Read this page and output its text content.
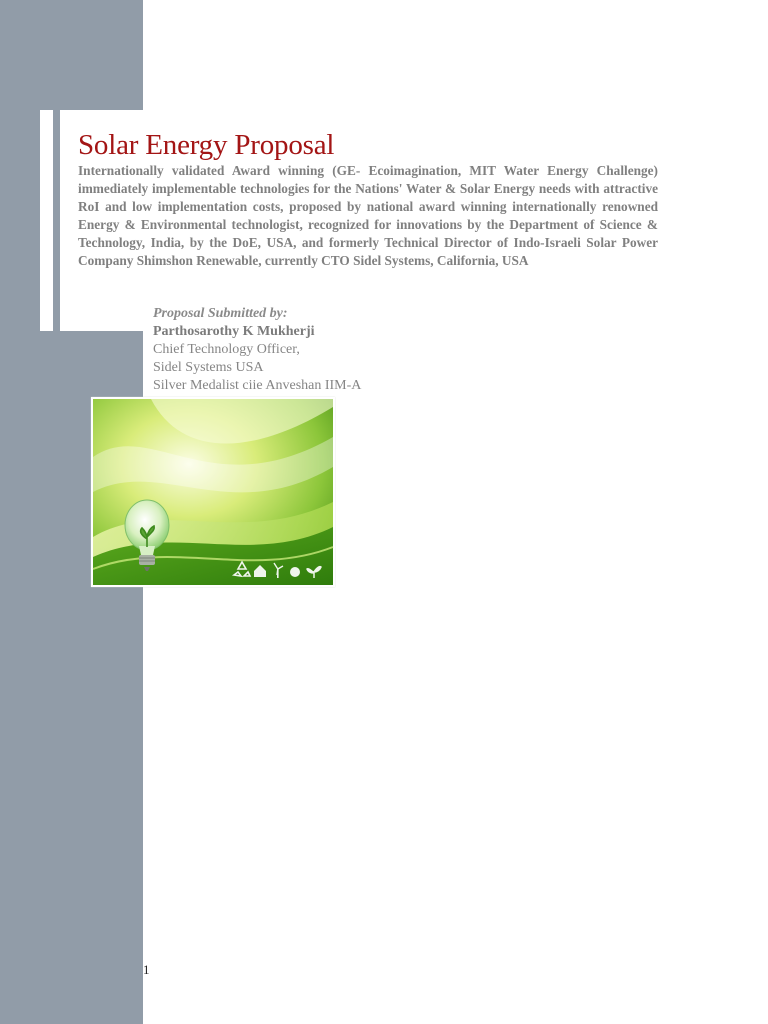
Solar Energy Proposal

Internationally validated Award winning (GE- Ecoimagination, MIT Water Energy Challenge) immediately implementable technologies for the Nations' Water & Solar Energy needs with attractive RoI and low implementation costs, proposed by national award winning internationally renowned Energy & Environmental technologist, recognized for innovations by the Department of Science & Technology, India, by the DoE, USA, and formerly Technical Director of Indo-Israeli Solar Power Company Shimshon Renewable, currently CTO Sidel Systems, California, USA

Proposal Submitted by:
Parthosarothy K Mukherji
Chief Technology Officer,
Sidel Systems USA
Silver Medalist ciie Anveshan IIM-A
1
